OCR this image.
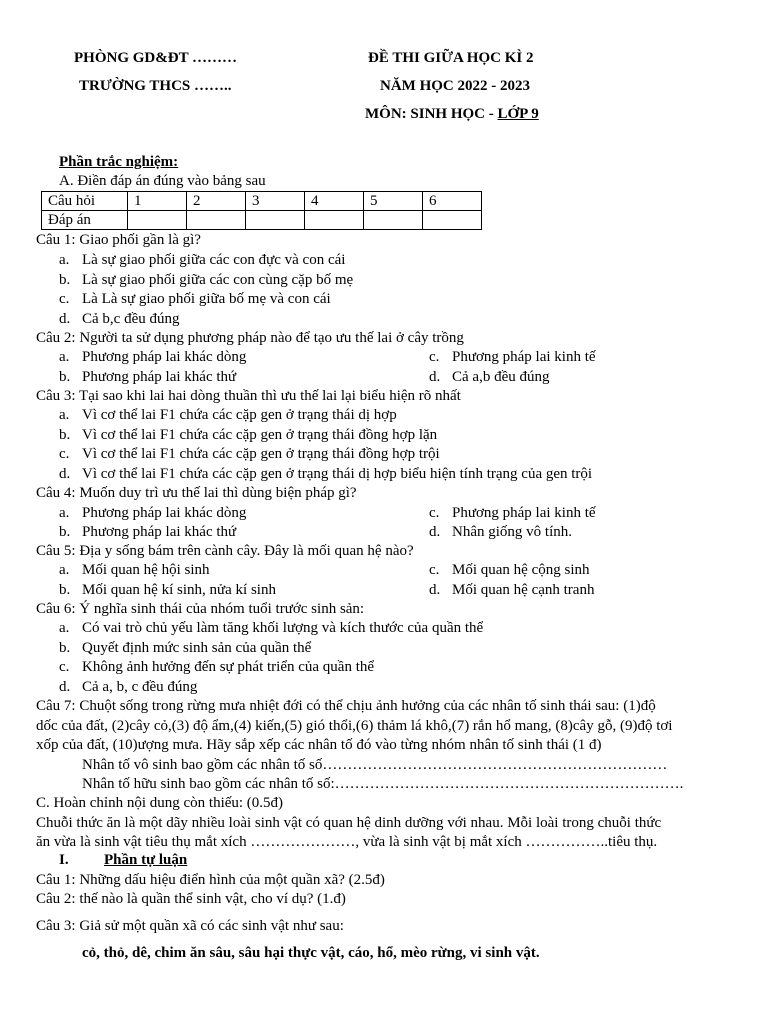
PHÒNG GD&ĐT ………
TRƯỜNG THCS ……..
ĐỀ THI GIỮA HỌC KÌ 2
NĂM HỌC 2022 - 2023
MÔN: SINH HỌC - LỚP 9
Phần trắc nghiệm:
A. Điền đáp án đúng vào bảng sau
Câu hỏi	1	2	3	4	5	6
Đáp án						
Câu 1: Giao phối gần là gì?
a. Là sự giao phối giữa các con đực và con cái
b. Là sự giao phối giữa các con cùng cặp bố mẹ
c. Là Là sự giao phối giữa bố mẹ và con cái
d. Cả b,c đều đúng
Câu 2: Người ta sử dụng phương pháp nào để tạo ưu thế lai ở cây trồng
a. Phương pháp lai khác dòng	c. Phương pháp lai kinh tế
b. Phương pháp lai khác thứ	d. Cả a,b đều đúng
Câu 3: Tại sao khi lai hai dòng thuần thì ưu thế lai lại biểu hiện rõ nhất
a. Vì cơ thể lai F1 chứa các cặp gen ở trạng thái dị hợp
b. Vì cơ thể lai F1 chứa các cặp gen ở trạng thái đồng hợp lặn
c. Vì cơ thể lai F1 chứa các cặp gen ở trạng thái đồng hợp trội
d. Vì cơ thể lai F1 chứa các cặp gen ở trạng thái dị hợp biểu hiện tính trạng của gen trội
Câu 4: Muốn duy trì ưu thế lai thì dùng biện pháp gì?
a. Phương pháp lai khác dòng	c. Phương pháp lai kinh tế
b. Phương pháp lai khác thứ	d. Nhân giống vô tính.
Câu 5: Địa y sống bám trên cành cây. Đây là mối quan hệ nào?
a. Mối quan hệ hội sinh	c. Mối quan hệ cộng sinh
b. Mối quan hệ kí sinh, nửa kí sinh	d. Mối quan hệ cạnh tranh
Câu 6: Ý nghĩa sinh thái của nhóm tuổi trước sinh sản:
a. Có vai trò chủ yếu làm tăng khối lượng và kích thước của quần thể
b. Quyết định mức sinh sản của quần thể
c. Không ảnh hưởng đến sự phát triển của quần thể
d. Cả a, b, c đều đúng
Câu 7: Chuột sống trong rừng mưa nhiệt đới có thể chịu ảnh hưởng của các nhân tố sinh thái sau: (1)độ
dốc của đất, (2)cây cỏ,(3) độ ẩm,(4) kiến,(5) gió thổi,(6) thảm lá khô,(7) rắn hổ mang, (8)cây gỗ, (9)độ tơi
xốp của đất, (10)ượng mưa. Hãy sắp xếp các nhân tố đó vào từng nhóm nhân tố sinh thái (1 đ)
Nhân tố vô sinh bao gồm các nhân tố số……………………………………………………………
Nhân tố hữu sinh bao gồm các nhân tố số:…………………………………………………………….
C. Hoàn chỉnh nội dung còn thiếu: (0.5đ)
Chuỗi thức ăn là một dãy nhiều loài sinh vật có quan hệ dinh dưỡng với nhau. Mỗi loài trong chuỗi thức
ăn vừa là sinh vật tiêu thụ mắt xích …………………, vừa là sinh vật bị mắt xích ……………..tiêu thụ.
I. Phần tự luận
Câu 1: Những dấu hiệu điển hình của một quần xã? (2.5đ)
Câu 2: thế nào là quần thể sinh vật, cho ví dụ? (1.đ)
Câu 3: Giả sử một quần xã có các sinh vật như sau:
cỏ, thỏ, dê, chim ăn sâu, sâu hại thực vật, cáo, hổ, mèo rừng, vi sinh vật.
